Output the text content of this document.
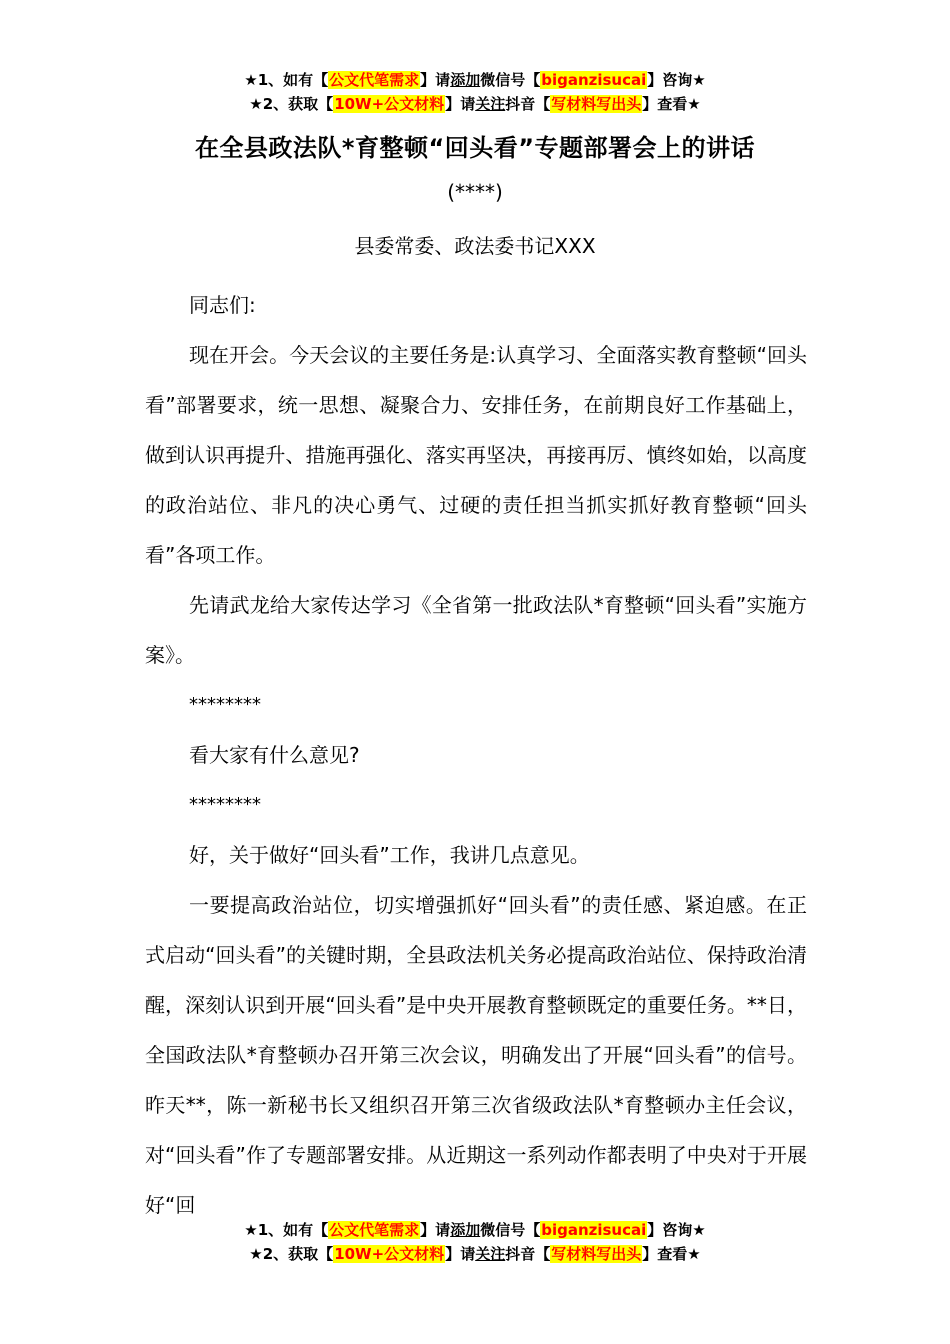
★1、如有【公文代笔需求】请添加微信号【biganzisucai】咨询★
★2、获取【10W+公文材料】请关注抖音【写材料写出头】查看★
在全县政法队*育整顿“回头看”专题部署会上的讲话
(****)
县委常委、政法委书记XXX

同志们:

现在开会。今天会议的主要任务是:认真学习、全面落实教育整顿“回头看”部署要求，统一思想、凝聚合力、安排任务，在前期良好工作基础上，做到认识再提升、措施再强化、落实再坚决，再接再厉、慎终如始，以高度的政治站位、非凡的决心勇气、过硬的责任担当抓实抓好教育整顿“回头看”各项工作。

先请武龙给大家传达学习《全省第一批政法队*育整顿“回头看”实施方案》。

********

看大家有什么意见?

********

好，关于做好“回头看”工作，我讲几点意见。

一要提高政治站位，切实增强抓好“回头看”的责任感、紧迫感。在正式启动“回头看”的关键时期，全县政法机关务必提高政治站位、保持政治清醒，深刻认识到开展“回头看”是中央开展教育整顿既定的重要任务。**日，全国政法队*育整顿办召开第三次会议，明确发出了开展“回头看”的信号。昨天**，陈一新秘书长又组织召开第三次省级政法队*育整顿办主任会议，对“回头看”作了专题部署安排。从近期这一系列动作都表明了中央对于开展好“回

★1、如有【公文代笔需求】请添加微信号【biganzisucai】咨询★
★2、获取【10W+公文材料】请关注抖音【写材料写出头】查看★
